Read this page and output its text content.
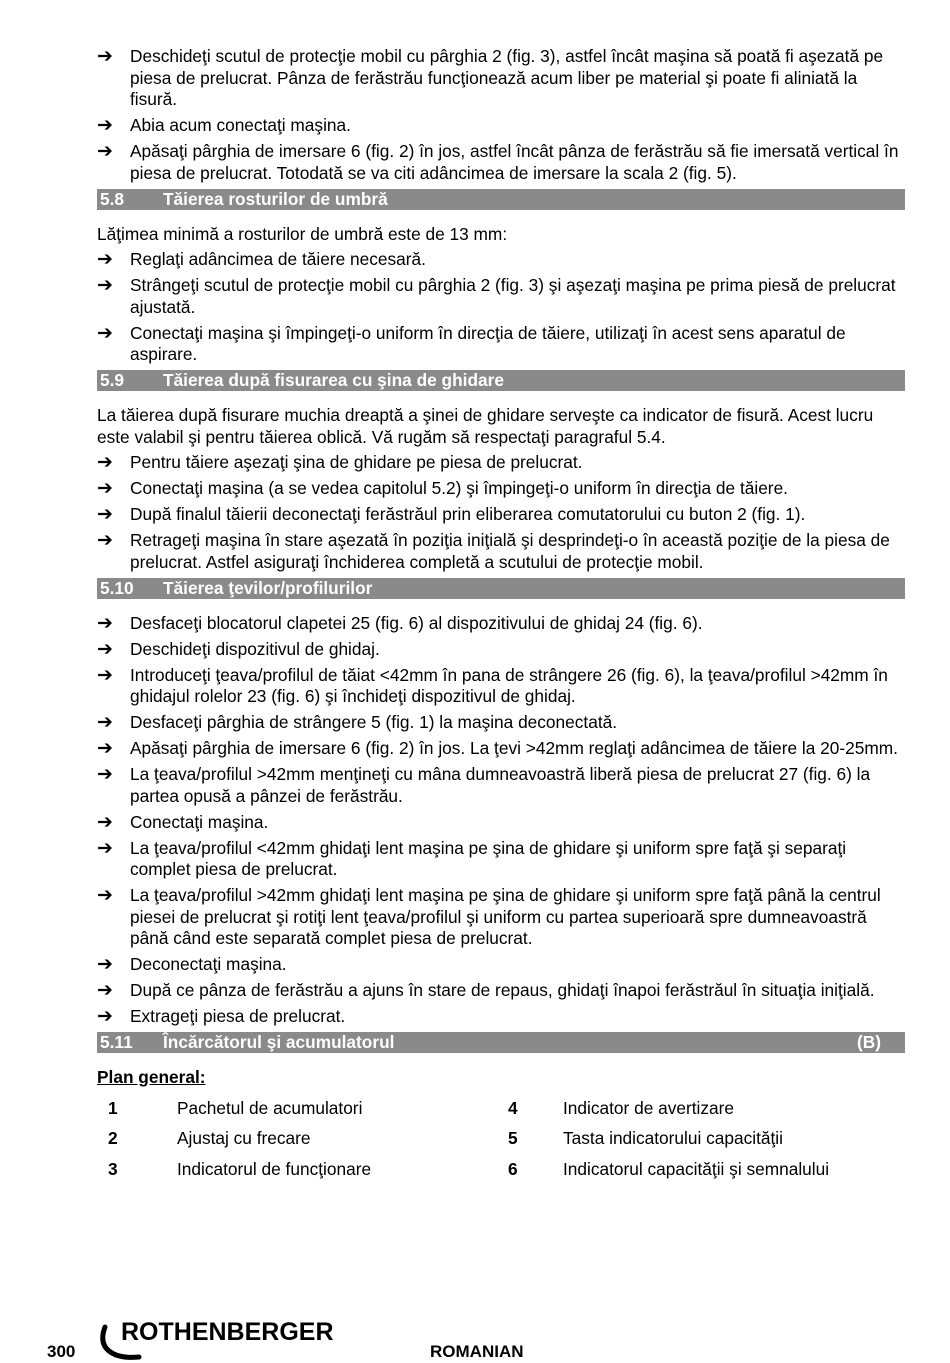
➔ Deschideţi scutul de protecţie mobil cu pârghia 2 (fig. 3), astfel încât maşina să poată fi aşezată pe piesa de prelucrat. Pânza de ferăstrău funcţionează acum liber pe material şi poate fi aliniată la fisură.
➔ Abia acum conectaţi maşina.
➔ Apăsaţi pârghia de imersare 6 (fig. 2) în jos, astfel încât pânza de ferăstrău să fie imersată vertical în piesa de prelucrat. Totodată se va citi adâncimea de imersare la scala 2 (fig. 5).
5.8	Tăierea rosturilor de umbră
Lăţimea minimă a rosturilor de umbră este de 13 mm:
➔ Reglaţi adâncimea de tăiere necesară.
➔ Strângeţi scutul de protecţie mobil cu pârghia 2 (fig. 3) şi aşezaţi maşina pe prima piesă de prelucrat ajustată.
➔ Conectaţi maşina şi împingeţi-o uniform în direcţia de tăiere, utilizaţi în acest sens aparatul de aspirare.
5.9	Tăierea după fisurarea cu şina de ghidare
La tăierea după fisurare muchia dreaptă a şinei de ghidare serveşte ca indicator de fisură. Acest lucru este valabil şi pentru tăierea oblică. Vă rugăm să respectaţi paragraful 5.4.
➔ Pentru tăiere aşezaţi şina de ghidare pe piesa de prelucrat.
➔ Conectaţi maşina (a se vedea capitolul 5.2) şi împingeţi-o uniform în direcţia de tăiere.
➔ După finalul tăierii deconectaţi ferăstrăul prin eliberarea comutatorului cu buton 2 (fig. 1).
➔ Retrageţi maşina în stare aşezată în poziţia iniţială şi desprindeţi-o în această poziţie de la piesa de prelucrat. Astfel asiguraţi închiderea completă a scutului de protecţie mobil.
5.10	Tăierea ţevilor/profilurilor
➔ Desfaceţi blocatorul clapetei 25 (fig. 6) al dispozitivului de ghidaj 24 (fig. 6).
➔ Deschideţi dispozitivul de ghidaj.
➔ Introduceţi ţeava/profilul de tăiat <42mm în pana de strângere 26 (fig. 6), la ţeava/profilul >42mm în ghidajul rolelor 23 (fig. 6) şi închideţi dispozitivul de ghidaj.
➔ Desfaceţi pârghia de strângere 5 (fig. 1) la maşina deconectată.
➔ Apăsaţi pârghia de imersare 6 (fig. 2) în jos. La ţevi >42mm reglaţi adâncimea de tăiere la 20-25mm.
➔ La ţeava/profilul >42mm menţineţi cu mâna dumneavoastră liberă piesa de prelucrat 27 (fig. 6) la partea opusă a pânzei de ferăstrău.
➔ Conectaţi maşina.
➔ La ţeava/profilul <42mm ghidaţi lent maşina pe şina de ghidare şi uniform spre faţă şi separaţi complet piesa de prelucrat.
➔ La ţeava/profilul >42mm ghidaţi lent maşina pe şina de ghidare şi uniform spre faţă până la centrul piesei de prelucrat şi rotiţi lent ţeava/profilul şi uniform cu partea superioară spre dumneavoastră până când este separată complet piesa de prelucrat.
➔ Deconectaţi maşina.
➔ După ce pânza de ferăstrău a ajuns în stare de repaus, ghidaţi înapoi ferăstrăul în situaţia iniţială.
➔ Extrageţi piesa de prelucrat.
5.11	Încărcătorul şi acumulatorul	(B)
Plan general:
1	Pachetul de acumulatori	4	Indicator de avertizare
2	Ajustaj cu frecare	5	Tasta indicatorului capacităţii
3	Indicatorul de funcţionare	6	Indicatorul capacităţii şi semnalului
300
ROTHENBERGER
ROMANIAN
